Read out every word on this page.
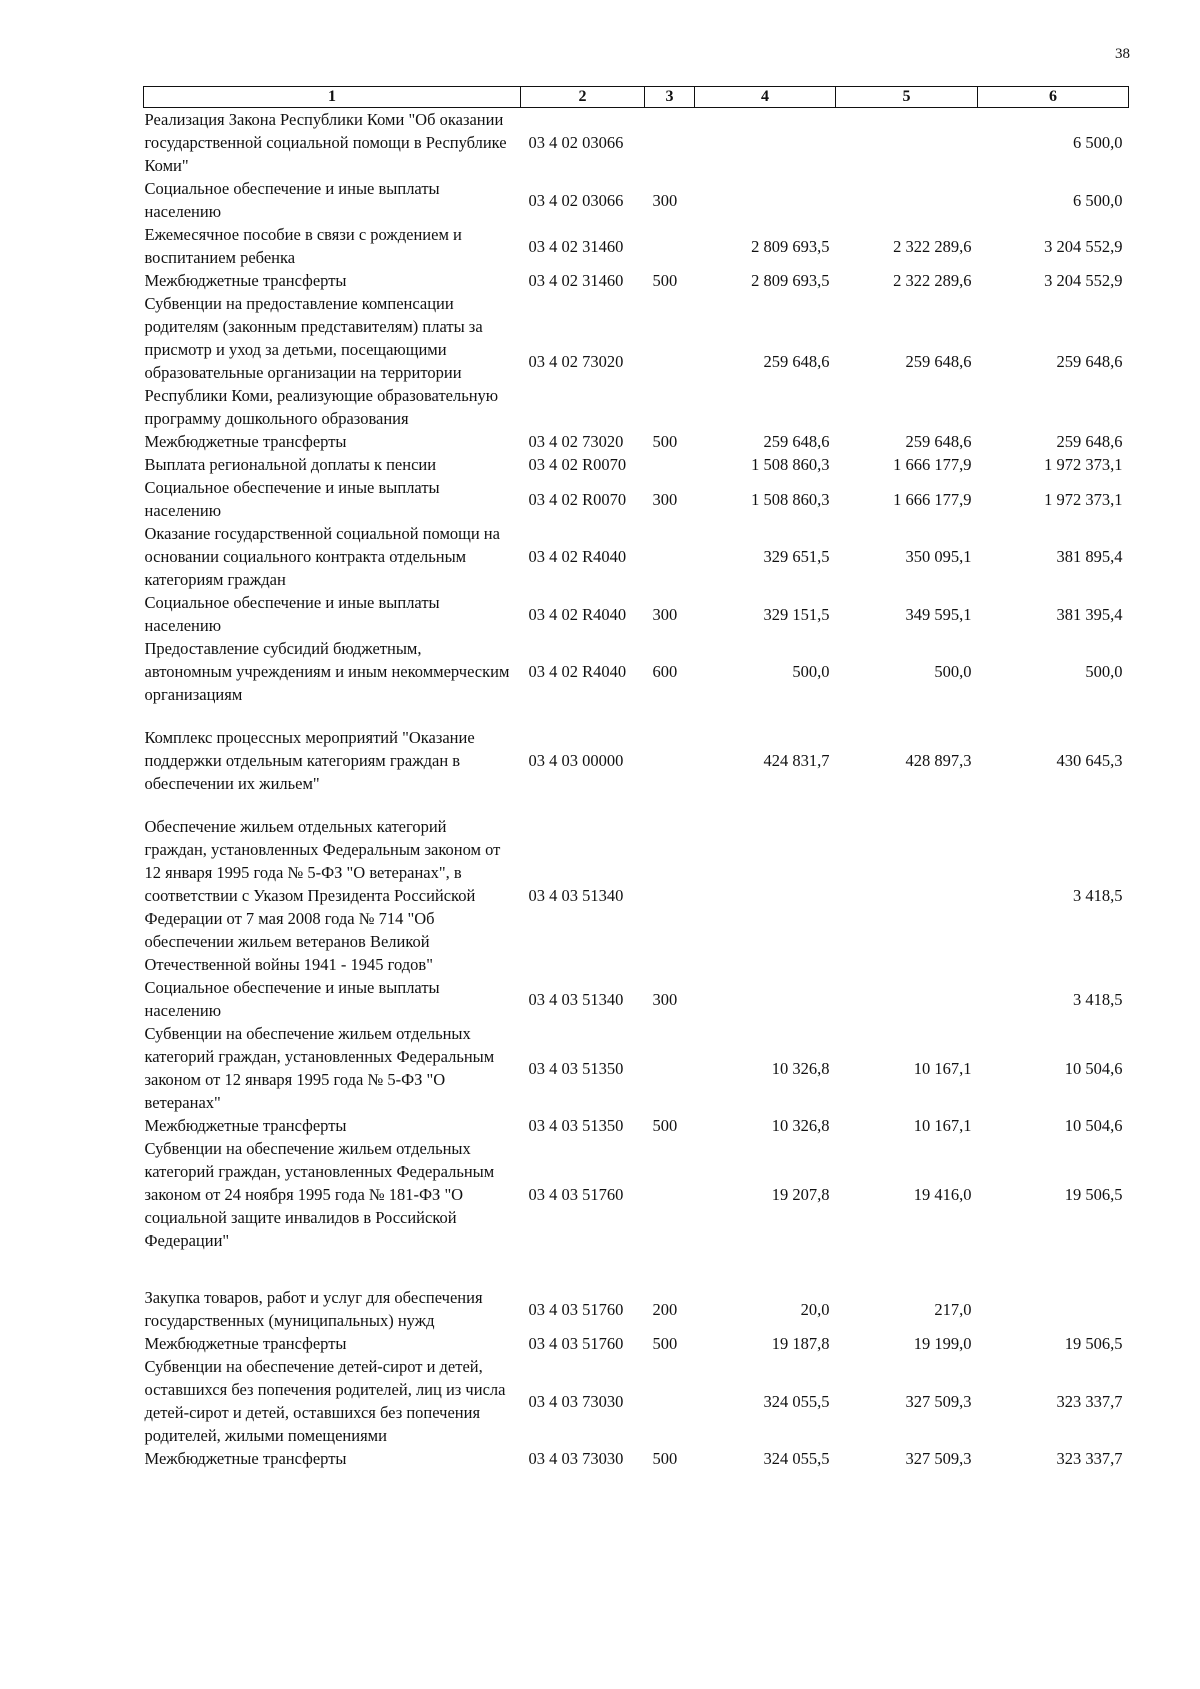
38
1	2	3	4	5	6
Реализация Закона Республики Коми "Об оказании государственной социальной помощи в Республике Коми"	03 4 02 03066				6 500,0
Социальное обеспечение и иные выплаты населению	03 4 02 03066	300			6 500,0
Ежемесячное пособие в связи с рождением и воспитанием ребенка	03 4 02 31460		2 809 693,5	2 322 289,6	3 204 552,9
Межбюджетные трансферты	03 4 02 31460	500	2 809 693,5	2 322 289,6	3 204 552,9
Субвенции на предоставление компенсации родителям (законным представителям) платы за присмотр и уход за детьми, посещающими образовательные организации на территории Республики Коми, реализующие образовательную программу дошкольного образования	03 4 02 73020		259 648,6	259 648,6	259 648,6
Межбюджетные трансферты	03 4 02 73020	500	259 648,6	259 648,6	259 648,6
Выплата региональной доплаты к пенсии	03 4 02 R0070		1 508 860,3	1 666 177,9	1 972 373,1
Социальное обеспечение и иные выплаты населению	03 4 02 R0070	300	1 508 860,3	1 666 177,9	1 972 373,1
Оказание государственной социальной помощи на основании социального контракта отдельным категориям граждан	03 4 02 R4040		329 651,5	350 095,1	381 895,4
Социальное обеспечение и иные выплаты населению	03 4 02 R4040	300	329 151,5	349 595,1	381 395,4
Предоставление субсидий бюджетным, автономным учреждениям и иным некоммерческим организациям	03 4 02 R4040	600	500,0	500,0	500,0
Комплекс процессных мероприятий "Оказание поддержки отдельным категориям граждан в обеспечении их жильем"	03 4 03 00000		424 831,7	428 897,3	430 645,3
Обеспечение жильем отдельных категорий граждан, установленных Федеральным законом от 12 января 1995 года № 5-ФЗ "О ветеранах", в соответствии с Указом Президента Российской Федерации от 7 мая 2008 года № 714 "Об обеспечении жильем ветеранов Великой Отечественной войны 1941 - 1945 годов"	03 4 03 51340				3 418,5
Социальное обеспечение и иные выплаты населению	03 4 03 51340	300			3 418,5
Субвенции на обеспечение жильем отдельных категорий граждан, установленных Федеральным законом от 12 января 1995 года № 5-ФЗ "О ветеранах"	03 4 03 51350		10 326,8	10 167,1	10 504,6
Межбюджетные трансферты	03 4 03 51350	500	10 326,8	10 167,1	10 504,6
Субвенции на обеспечение жильем отдельных категорий граждан, установленных Федеральным законом от 24 ноября 1995 года № 181-ФЗ "О социальной защите инвалидов в Российской Федерации"	03 4 03 51760		19 207,8	19 416,0	19 506,5
Закупка товаров, работ и услуг для обеспечения государственных (муниципальных) нужд	03 4 03 51760	200	20,0	217,0	
Межбюджетные трансферты	03 4 03 51760	500	19 187,8	19 199,0	19 506,5
Субвенции на обеспечение детей-сирот и детей, оставшихся без попечения родителей, лиц из числа детей-сирот и детей, оставшихся без попечения родителей, жилыми помещениями	03 4 03 73030		324 055,5	327 509,3	323 337,7
Межбюджетные трансферты	03 4 03 73030	500	324 055,5	327 509,3	323 337,7
